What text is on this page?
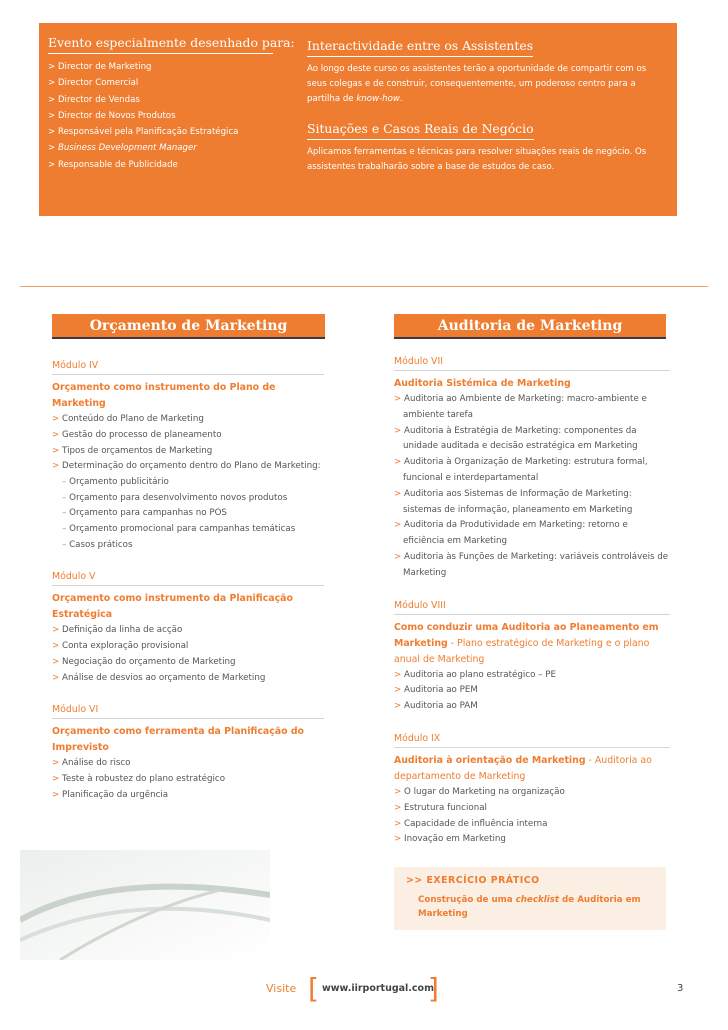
Evento especialmente desenhado para:
> Director de Marketing
> Director Comercial
> Director de Vendas
> Director de Novos Produtos
> Responsável pela Planificação Estratégica
> Business Development Manager
> Responsable de Publicidade
Interactividade entre os Assistentes
Ao longo deste curso os assistentes terão a oportunidade de compartir com os seus colegas e de construir, consequentemente, um poderoso centro para a partilha de know-how.
Situações e Casos Reais de Negócio
Aplicamos ferramentas e técnicas para resolver situações reais de negócio. Os assistentes trabalharão sobre a base de estudos de caso.
Orçamento de Marketing
Módulo IV
Orçamento como instrumento do Plano de Marketing
> Conteúdo do Plano de Marketing
> Gestão do processo de planeamento
> Tipos de orçamentos de Marketing
> Determinação do orçamento dentro do Plano de Marketing:
– Orçamento publicitário
– Orçamento para desenvolvimento novos produtos
– Orçamento para campanhas no POS
– Orçamento promocional para campanhas temáticas
– Casos práticos
Módulo V
Orçamento como instrumento da Planificação Estratégica
> Definição da linha de acção
> Conta exploração provisional
> Negociação do orçamento de Marketing
> Análise de desvios ao orçamento de Marketing
Módulo VI
Orçamento como ferramenta da Planificação do Imprevisto
> Análise do risco
> Teste à robustez do plano estratégico
> Planificação da urgência
Auditoria de Marketing
Módulo VII
Auditoria Sistémica de Marketing
> Auditoria ao Ambiente de Marketing: macro-ambiente e ambiente tarefa
> Auditoria à Estratégia de Marketing: componentes da unidade auditada e decisão estratégica em Marketing
> Auditoria à Organização de Marketing: estrutura formal, funcional e interdepartamental
> Auditoria aos Sistemas de Informação de Marketing: sistemas de informação, planeamento em Marketing
> Auditoria da Produtividade em Marketing: retorno e eficiência em Marketing
> Auditoria às Funções de Marketing: variáveis controláveis de Marketing
Módulo VIII
Como conduzir uma Auditoria ao Planeamento em Marketing - Plano estratégico de Marketing e o plano anual de Marketing
> Auditoria ao plano estratégico – PE
> Auditoria ao PEM
> Auditoria ao PAM
Módulo IX
Auditoria à orientação de Marketing - Auditoria ao departamento de Marketing
> O lugar do Marketing na organização
> Estrutura funcional
> Capacidade de influência interna
> Inovação em Marketing
>> EXERCÍCIO PRÁTICO
Construção de uma checklist de Auditoria em Marketing
Visite [ www.iirportugal.com
]	3
